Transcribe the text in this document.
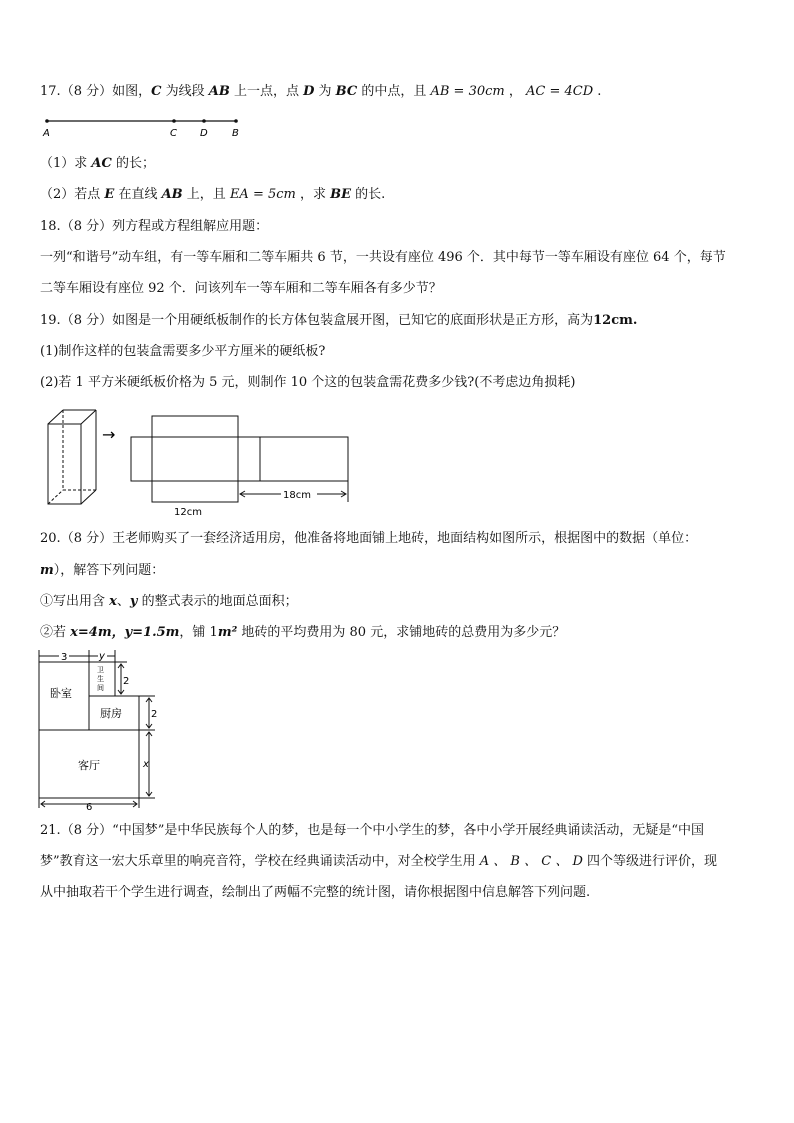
17.（8 分）如图，C 为线段 AB 上一点，点 D 为 BC 的中点，且 AB = 30cm ， AC = 4CD .
A	C D B
（1）求 AC 的长；
（2）若点 E 在直线 AB 上，且 EA = 5cm ，求 BE 的长.
18.（8 分）列方程或方程组解应用题：
一列“和谐号”动车组，有一等车厢和二等车厢共 6 节，一共设有座位 496 个．其中每节一等车厢设有座位 64 个，每节
二等车厢设有座位 92 个．问该列车一等车厢和二等车厢各有多少节？
19.（8 分）如图是一个用硬纸板制作的长方体包装盒展开图，已知它的底面形状是正方形，高为12cm.
(1)制作这样的包装盒需要多少平方厘米的硬纸板?
(2)若 1 平方米硬纸板价格为 5 元，则制作 10 个这的包装盒需花费多少钱?(不考虑边角损耗)
→
18cm
12cm
20.（8 分）王老师购买了一套经济适用房，他准备将地面铺上地砖，地面结构如图所示，根据图中的数据（单位：
m），解答下列问题：
①写出用含 x、y 的整式表示的地面总面积；
②若 x=4m，y=1.5m，铺 1m² 地砖的平均费用为 80 元，求铺地砖的总费用为多少元？
3	y
2
2
x
6
卧室
卫
生
间
厨房
客厅
21.（8 分）“中国梦”是中华民族每个人的梦，也是每一个中小学生的梦，各中小学开展经典诵读活动，无疑是“中国
梦”教育这一宏大乐章里的响亮音符，学校在经典诵读活动中，对全校学生用 A 、 B 、 C 、 D 四个等级进行评价，现
从中抽取若干个学生进行调查，绘制出了两幅不完整的统计图，请你根据图中信息解答下列问题.
